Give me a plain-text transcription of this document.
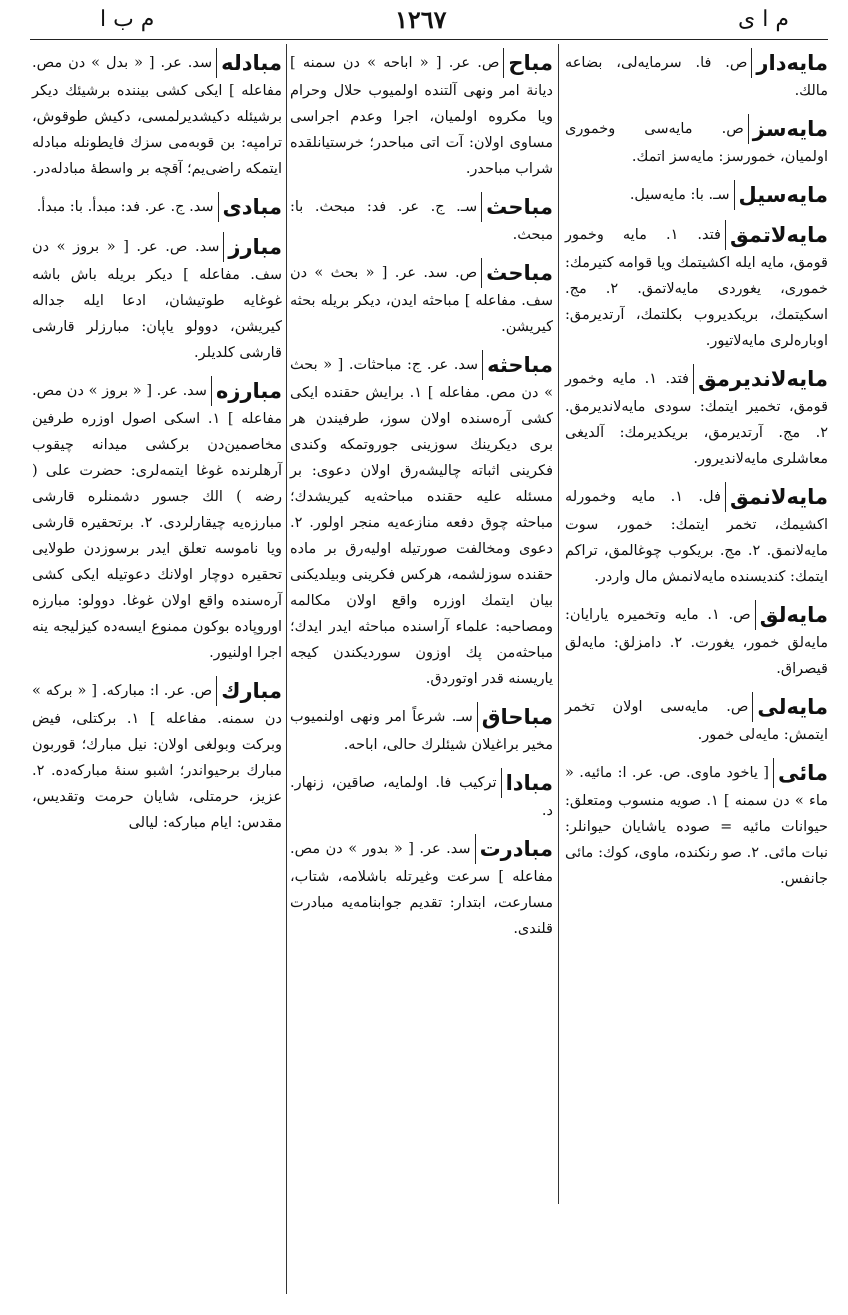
م ب ا	١٢٦٧	م ا ى

مايه‌دارص. فا. سرمايه‌لى، بضاعه مالك.

مايه‌سزص. مايه‌سى وخمورى اولميان، خمورسز: مايه‌سز اتمك.

مايه‌سيلسـ. با: مايه‌سيل.

مايه‌لاتمقفتد. ١. مايه وخمور قومق، مايه ايله اكشيتمك ويا قوامه كتيرمك: خمورى، يغوردى مايه‌لاتمق. ٢. مج. اسكيتمك، بريكديروب بكلتمك، آرتديرمق: اوباره‌لرى مايه‌لاتيور.

مايه‌لانديرمقفتد. ١. مايه وخمور قومق، تخمير ايتمك: سودى مايه‌لانديرمق. ٢. مج. آرتديرمق، بريكديرمك: آلديغى معاشلرى مايه‌لانديرور.

مايه‌لانمقفل. ١. مايه وخمورله اكشيمك، تخمر ايتمك: خمور، سوت مايه‌لانمق. ٢. مج. بريكوب چوغالمق، تراكم ايتمك: كنديسنده مايه‌لانمش مال واردر.

مايه‌لقص. ١. مايه وتخميره يارايان: مايه‌لق خمور، يغورت. ٢. دامزلق: مايه‌لق قيصراق.

مايه‌لىص. مايه‌سى اولان تخمر ايتمش: مايه‌لى خمور.

مائى[ ياخود ماوى. ص. عر. ا: مائيه. « ماء » دن سمنه ] ١. صويه منسوب ومتعلق: حيوانات مائيه = صوده ياشايان حيوانلر: نبات مائى. ٢. صو رنكنده، ماوى، كوك: مائى جانفس.

مباحص. عر. [ « اباحه » دن سمنه ] ديانة امر ونهى آلتنده اولميوب حلال وحرام ويا مكروه اولميان، اجرا وعدم اجراسى مساوى اولان: آت اتى مباحدر؛ خرستيانلقده شراب مباحدر.

مباحثسـ. ج. عر. فد: مبحث. با: مبحث.

مباحثص. سد. عر. [ « بحث » دن سف. مفاعله ] مباحثه ايدن، ديكر بريله بحثه كيريشن.

مباحثهسد. عر. ج: مباحثات. [ « بحث » دن مص. مفاعله ] ١. برايش حقنده ايكى كشى آره‌سنده اولان سوز، طرفيندن هر برى ديكرينك سوزينى جوروتمكه وكندى فكرينى اثباته چاليشه‌رق اولان دعوى: بر مسئله عليه حقنده مباحثه‌يه كيريشدك؛ مباحثه چوق دفعه منازعه‌يه منجر اولور. ٢. دعوى ومخالفت صورتيله اوليه‌رق بر ماده حقنده سوزلشمه، هركس فكرينى وبيلديكنى بيان ايتمك اوزره واقع اولان مكالمه ومصاحبه: علماء آراسنده مباحثه ايدر ايدك؛ مباحثه‌من پك اوزون سورديكندن كيجه ياريسنه قدر اوتوردق.

مباحاقسـ. شرعاً امر ونهى اولنميوب مخير براغيلان شيئلرك حالى، اباحه.

مباداتركيب فا. اولمايه، صاقين، زنهار. د.

مبادرتسد. عر. [ « بدور » دن مص. مفاعله ] سرعت وغيرتله باشلامه، شتاب، مسارعت، ابتدار: تقديم جوابنامه‌يه مبادرت قلندى.

مبادلهسد. عر. [ « بدل » دن مص. مفاعله ] ايكى كشى بيننده برشيئك ديكر برشيئله دكيشديرلمسى، دكيش طوقوش، ترامپه: بن قوبه‌مى سزك فايطونله مبادله ايتمكه راضى‌يم؛ آقچه بر واسطهٔ مبادله‌در.

مبادىسد. ج. عر. فد: مبدأ. با: مبدأ.

مبارزسد. ص. عر. [ « بروز » دن سف. مفاعله ] ديكر بريله باش باشه غوغايه طوتيشان، ادعا ايله جداله كيريشن، دوولو ياپان: مبارزلر قارشى قارشى كلديلر.

مبارزهسد. عر. [ « بروز » دن مص. مفاعله ] ١. اسكى اصول اوزره طرفين مخاصمين‌دن بركشى ميدانه چيقوب آرهلرنده غوغا ايتمه‌لرى: حضرت على ( رضه ) الك جسور دشمنلره قارشى مبارزه‌يه چيقارلردى. ٢. برتحقيره قارشى ويا ناموسه تعلق ايدر برسوزدن طولايى تحقيره دوچار اولانك دعوتيله ايكى كشى آره‌سنده واقع اولان غوغا. دوولو: مبارزه اوروپاده بوكون ممنوع ايسه‌ده كيزليجه ينه اجرا اولنيور.

مباركص. عر. ا: مباركه. [ « بركه » دن سمنه. مفاعله ] ١. بركتلى، فيض وبركت وبولغى اولان: نيل مبارك؛ قوربون مبارك برحيواندر؛ اشبو سنهٔ مباركه‌ده. ٢. عزيز، حرمتلى، شايان حرمت وتقديس، مقدس: ايام مباركه: ليالى
